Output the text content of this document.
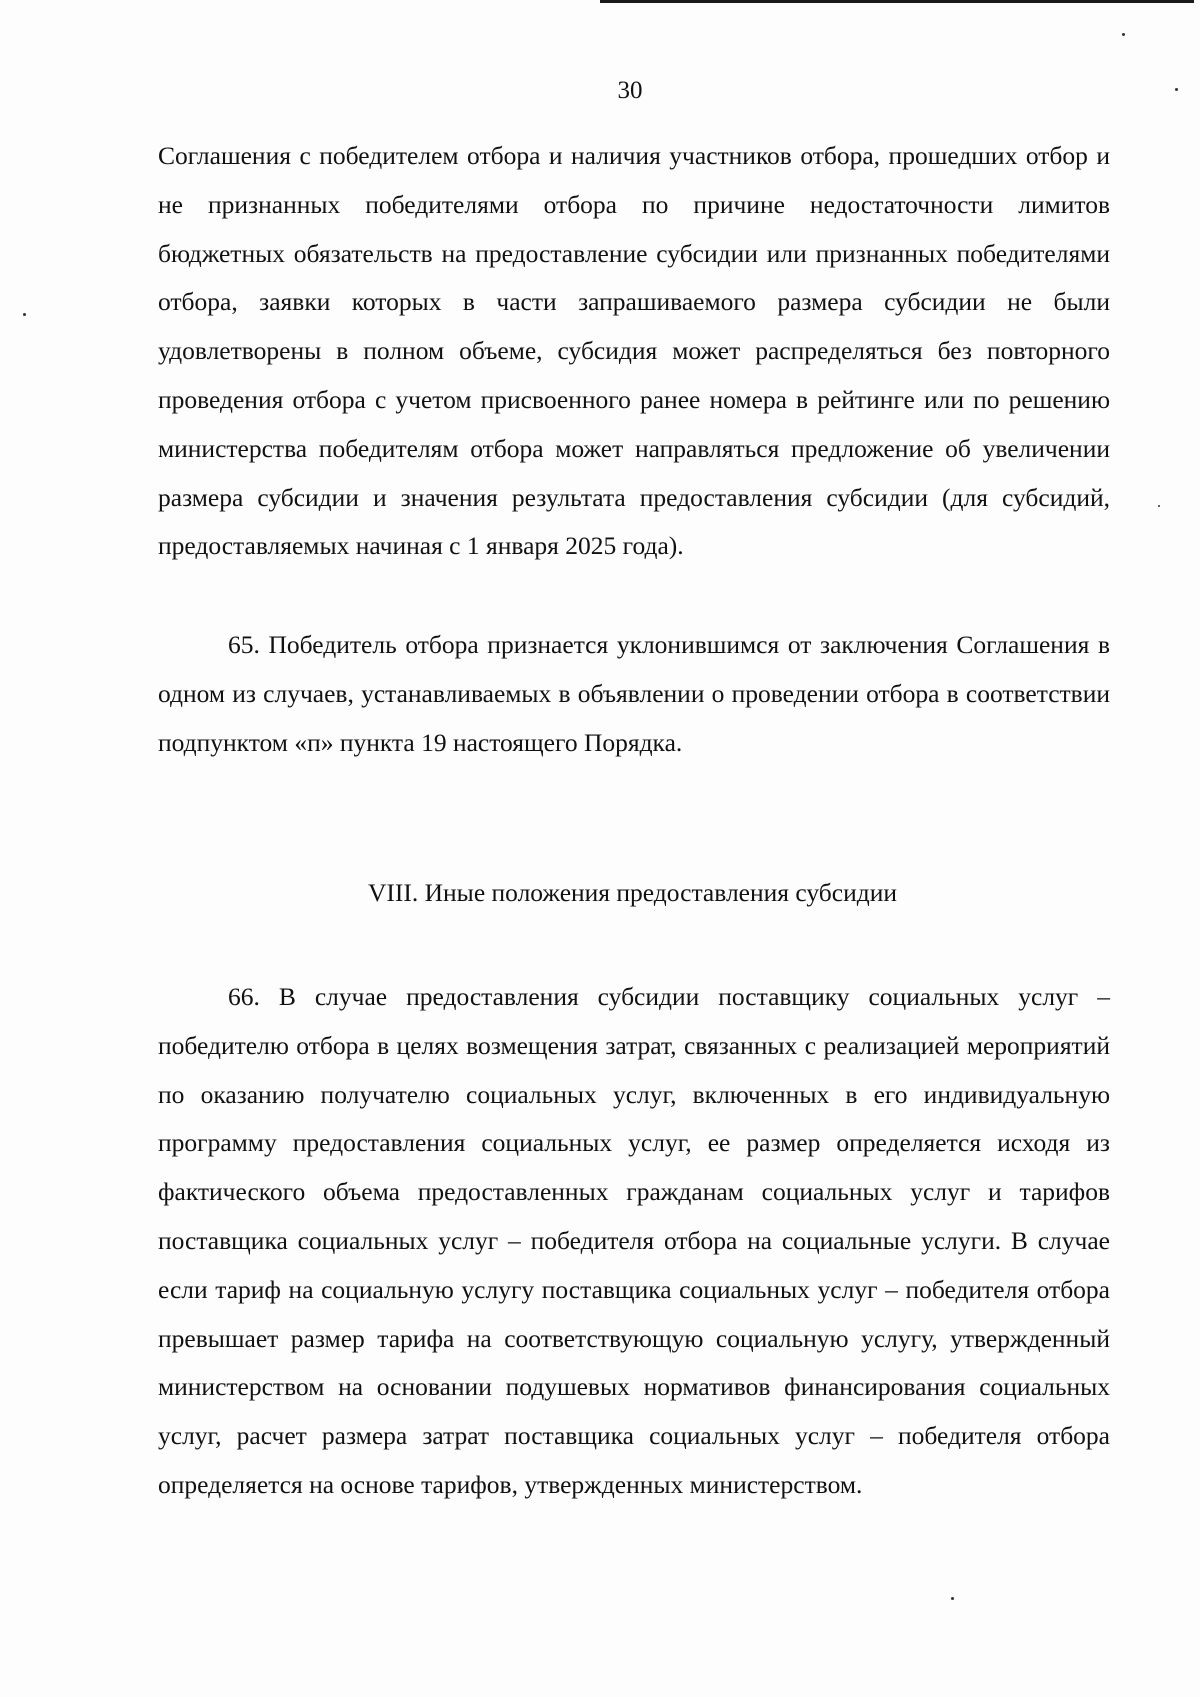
30

Соглашения с победителем отбора и наличия участников отбора, прошедших отбор и не признанных победителями отбора по причине недостаточности лимитов бюджетных обязательств на предоставление субсидии или признанных победителями отбора, заявки которых в части запрашиваемого размера субсидии не были удовлетворены в полном объеме, субсидия может распределяться без повторного проведения отбора с учетом присвоенного ранее номера в рейтинге или по решению министерства победителям отбора может направляться предложение об увеличении размера субсидии и значения результата предоставления субсидии (для субсидий, предоставляемых начиная с 1 января 2025 года).

65. Победитель отбора признается уклонившимся от заключения Соглашения в одном из случаев, устанавливаемых в объявлении о проведении отбора в соответствии подпунктом «п» пункта 19 настоящего Порядка.

VIII. Иные положения предоставления субсидии

66. В случае предоставления субсидии поставщику социальных услуг – победителю отбора в целях возмещения затрат, связанных с реализацией мероприятий по оказанию получателю социальных услуг, включенных в его индивидуальную программу предоставления социальных услуг, ее размер определяется исходя из фактического объема предоставленных гражданам социальных услуг и тарифов поставщика социальных услуг – победителя отбора на социальные услуги. В случае если тариф на социальную услугу поставщика социальных услуг – победителя отбора превышает размер тарифа на соответствующую социальную услугу, утвержденный министерством на основании подушевых нормативов финансирования социальных услуг, расчет размера затрат поставщика социальных услуг – победителя отбора определяется на основе тарифов, утвержденных министерством.
